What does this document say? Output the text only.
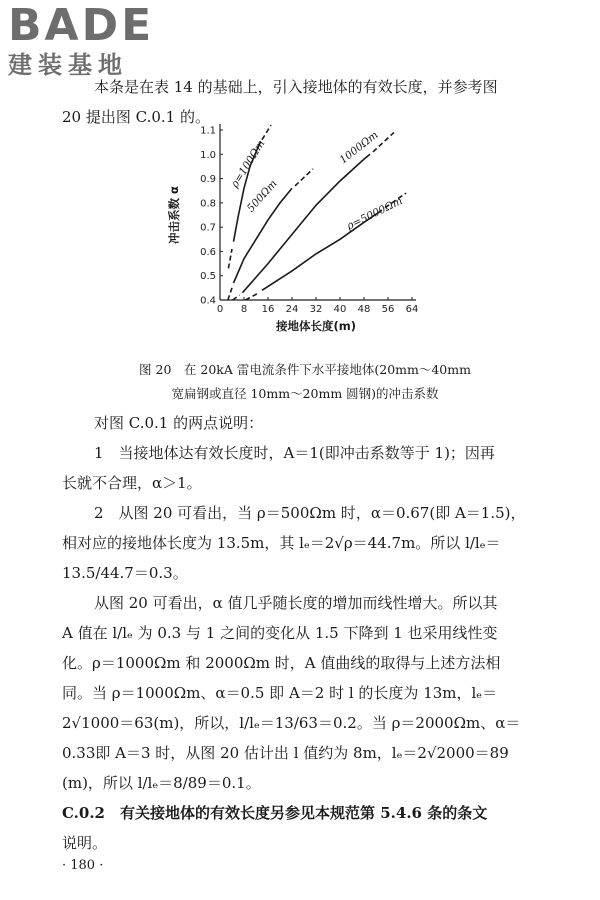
BADE
建装基地
本条是在表 14 的基础上，引入接地体的有效长度，并参考图
20 提出图 C.0.1 的。
0 8 16 24 32 40 48 56 64
0.4
0.5
0.6
0.7
0.8
0.9
1.0
1.1
ρ=100Ωm
500Ωm
1000Ωm
ρ=5000Ωm
接地体长度(m)
冲击系数 α
图 20　在 20kA 雷电流条件下水平接地体(20mm～40mm
宽扁钢或直径 10mm～20mm 圆钢)的冲击系数
对图 C.0.1 的两点说明：
1　当接地体达有效长度时，A＝1(即冲击系数等于 1)；因再
长就不合理，α＞1。
2　从图 20 可看出，当 ρ＝500Ωm 时，α＝0.67(即 A＝1.5)，
相对应的接地体长度为 13.5m，其 lₑ＝2√ρ＝44.7m。所以 l/lₑ＝
13.5/44.7＝0.3。
从图 20 可看出，α 值几乎随长度的增加而线性增大。所以其
A 值在 l/lₑ 为 0.3 与 1 之间的变化从 1.5 下降到 1 也采用线性变
化。ρ＝1000Ωm 和 2000Ωm 时，A 值曲线的取得与上述方法相
同。当 ρ＝1000Ωm、α＝0.5 即 A＝2 时 l 的长度为 13m，lₑ＝
2√1000＝63(m)，所以，l/lₑ＝13/63＝0.2。当 ρ＝2000Ωm、α＝
0.33即 A＝3 时，从图 20 估计出 l 值约为 8m，lₑ＝2√2000＝89
(m)，所以 l/lₑ＝8/89＝0.1。
C.0.2　有关接地体的有效长度另参见本规范第 5.4.6 条的条文
说明。
· 180 ·
